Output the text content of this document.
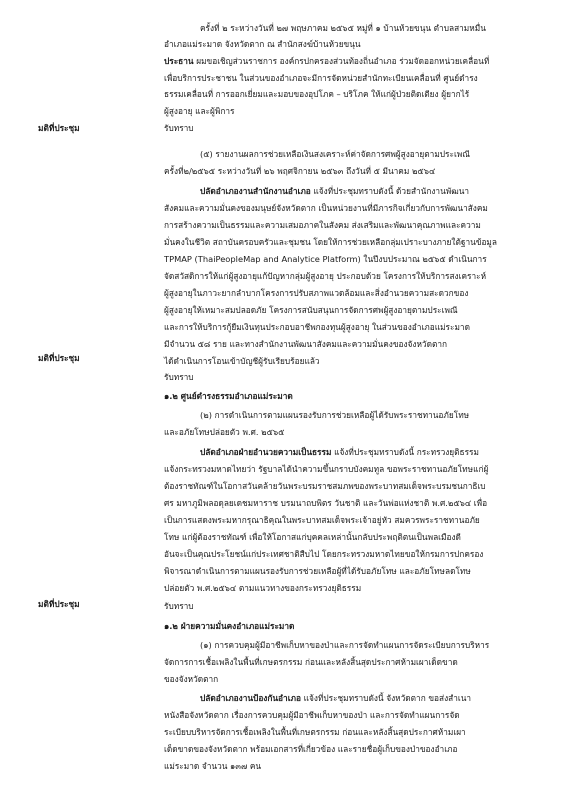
ครั้งที่ ๒ ระหว่างวันที่ ๒๗ พฤษภาคม ๒๕๖๕ หมู่ที่ ๑ บ้านห้วยขนุน ตำบลสามหมื่น
อำเภอแม่ระมาด จังหวัดตาก ณ สำนักสงฆ์บ้านห้วยขนุน
ประธาน ผมขอเชิญส่วนราชการ องค์กรปกครองส่วนท้องถิ่นอำเภอ ร่วมจัดออกหน่วยเคลื่อนที่
เพื่อบริการประชาชน ในส่วนของอำเภอจะมีการจัดหน่วยสำนักทะเบียนเคลื่อนที่ ศูนย์ดำรง
ธรรมเคลื่อนที่ การออกเยี่ยมและมอบของอุปโภค – บริโภค ให้แก่ผู้ป่วยติดเตียง ผู้ยากไร้
ผู้สูงอายุ และผู้พิการ
มติที่ประชุม	รับทราบ
(๕) รายงานผลการช่วยเหลือเงินสงเคราะห์ค่าจัดการศพผู้สูงอายุตามประเพณี
ครั้งที่๒/๒๕๖๕ ระหว่างวันที่ ๒๖ พฤศจิกายน ๒๕๖๓ ถึงวันที่ ๕ มีนาคม ๒๕๖๔
ปลัดอำเภองานสำนักงานอำเภอ แจ้งที่ประชุมทราบดังนี้ ด้วยสำนักงานพัฒนา
สังคมและความมั่นคงของมนุษย์จังหวัดตาก เป็นหน่วยงานที่มีภารกิจเกี่ยวกับการพัฒนาสังคม
การสร้างความเป็นธรรมและความเสมอภาคในสังคม ส่งเสริมและพัฒนาคุณภาพและความ
มั่นคงในชีวิต สถาบันครอบครัวและชุมชน โดยให้การช่วยเหลือกลุ่มเปราะบางภายใต้ฐานข้อมูล
TPMAP (ThaiPeopleMap and Analytice Platform) ในปีงบประมาณ ๒๕๖๕ ดำเนินการ
จัดสวัสดิการให้แก่ผู้สูงอายุแก้ปัญหากลุ่มผู้สูงอายุ ประกอบด้วย โครงการให้บริการสงเคราะห์
ผู้สูงอายุในภาวะยากลำบากโครงการปรับสภาพแวดล้อมและสิ่งอำนวยความสะดวกของ
ผู้สูงอายุให้เหมาะสมปลอดภัย โครงการสนับสนุนการจัดการศพผู้สูงอายุตามประเพณี
และการให้บริการกู้ยืมเงินทุนประกอบอาชีพกองทุนผู้สูงอายุ ในส่วนของอำเภอแม่ระมาด
มีจำนวน ๕๘ ราย และทางสำนักงานพัฒนาสังคมและความมั่นคงของจังหวัดตาก
ได้ดำเนินการโอนเข้าบัญชีผู้รับเรียบร้อยแล้ว
มติที่ประชุม
รับทราบ
๑.๒ ศูนย์ดำรงธรรมอำเภอแม่ระมาด
(๒) การดำเนินการตามแผนรองรับการช่วยเหลือผู้ได้รับพระราชทานอภัยโทษ
และอภัยโทษปล่อยตัว พ.ศ. ๒๕๖๕
ปลัดอำเภอฝ่ายอำนวยความเป็นธรรม แจ้งที่ประชุมทราบดังนี้ กระทรวงยุติธรรม
แจ้งกระทรวงมหาดไทยว่า รัฐบาลได้นำความขึ้นกราบบังคมทูล ขอพระราชทานอภัยโทษแก่ผู้
ต้องราชทัณฑ์ในโอกาสวันคล้ายวันพระบรมราชสมภพของพระบาทสมเด็จพระบรมชนกาธิเบ
ศร มหาภูมิพลอดุลยเดชมหาราช บรมนาถบพิตร วันชาติ และวันพ่อแห่งชาติ พ.ศ.๒๕๖๔ เพื่อ
เป็นการแสดงพระมหากรุณาธิคุณในพระบาทสมเด็จพระเจ้าอยู่หัว สมควรพระราชทานอภัย
โทษ แก่ผู้ต้องราชทัณฑ์ เพื่อให้โอกาสแก่บุคคลเหล่านั้นกลับประพฤติตนเป็นพลเมืองดี
อันจะเป็นคุณประโยชน์แก่ประเทศชาติสืบไป โดยกระทรวงมหาดไทยขอให้กรมการปกครอง
พิจารณาดำเนินการตามแผนรองรับการช่วยเหลือผู้ที่ได้รับอภัยโทษ และอภัยโทษลดโทษ
ปล่อยตัว พ.ศ.๒๕๖๔ ตามแนวทางของกระทรวงยุติธรรม
มติที่ประชุม	รับทราบ
๑.๒ ฝ่ายความมั่นคงอำเภอแม่ระมาด
(๑) การควบคุมผู้มีอาชีพเก็บหาของป่าและการจัดทำแผนการจัดระเบียบการบริหาร
จัดการการเชื้อเพลิงในพื้นที่เกษตรกรรม ก่อนและหลังสิ้นสุดประกาศห้ามเผาเด็ดขาด
ของจังหวัดตาก
ปลัดอำเภองานป้องกันอำเภอ แจ้งที่ประชุมทราบดังนี้ จังหวัดตาก ขอส่งสำเนา
หนังสือจังหวัดตาก เรื่องการควบคุมผู้มีอาชีพเก็บหาของป่า และการจัดทำแผนการจัด
ระเบียบบริหารจัดการเชื้อเพลิงในพื้นที่เกษตรกรรม ก่อนและหลังสิ้นสุดประกาศห้ามเผา
เด็ดขาดของจังหวัดตาก พร้อมเอกสารที่เกี่ยวข้อง และรายชื่อผู้เก็บของป่าของอำเภอ
แม่ระมาด จำนวน ๑๓๗ คน
